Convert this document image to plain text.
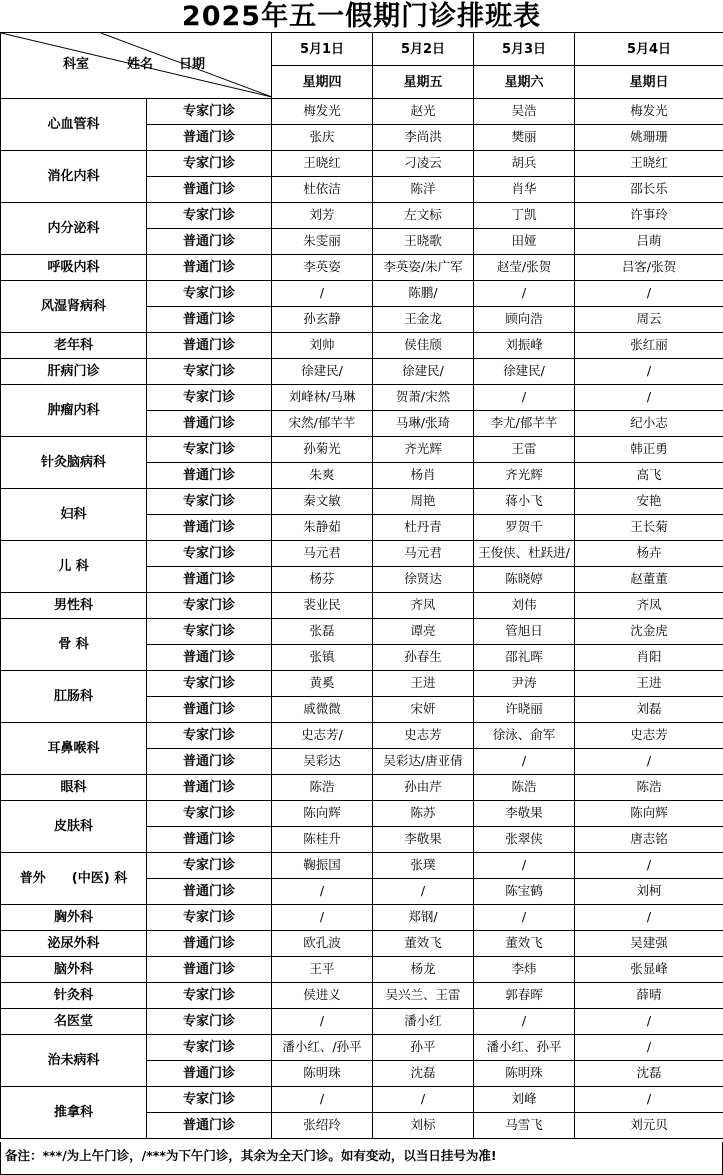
2025年五一假期门诊排班表
科室 姓名 日期		5月1日	5月2日	5月3日	5月4日
		星期四	星期五	星期六	星期日
心血管科	专家门诊	梅发光	赵光	吴浩	梅发光
	普通门诊	张庆	李尚洪	樊丽	姚珊珊
消化内科	专家门诊	王晓红	刁凌云	胡兵	王晓红
	普通门诊	杜依洁	陈洋	肖华	邵长乐
内分泌科	专家门诊	刘芳	左文标	丁凯	许事玲
	普通门诊	朱雯丽	王晓歌	田娅	吕萌
呼吸内科	普通门诊	李英姿	李英姿/朱广军	赵莹/张贺	吕客/张贺
风湿肾病科	专家门诊	/	陈鹏/	/	/
	普通门诊	孙玄静	王金龙	顾向浩	周云
老年科	普通门诊	刘帅	侯佳颀	刘振峰	张红丽
肝病门诊	专家门诊	徐建民/	徐建民/	徐建民/	/
肿瘤内科	专家门诊	刘峰林/马琳	贺萧/宋然	/	/
	普通门诊	宋然/郁芊芊	马琳/张琦	李尤/郁芊芊	纪小志
针灸脑病科	专家门诊	孙菊光	齐光辉	王雷	韩正勇
	普通门诊	朱爽	杨肖	齐光辉	高飞
妇科	专家门诊	秦文敏	周艳	蒋小飞	安艳
	普通门诊	朱静茹	杜丹青	罗贺千	王长菊
儿 科	专家门诊	马元君	马元君	王俊侠、杜跃进/	杨卉
	普通门诊	杨芬	徐贤达	陈晓婷	赵董董
男性科	专家门诊	裴业民	齐凤	刘伟	齐凤
骨 科	专家门诊	张磊	谭亮	管旭日	沈金虎
	普通门诊	张镇	孙春生	邵礼晖	肖阳
肛肠科	专家门诊	黄奚	王进	尹涛	王进
	普通门诊	戚微微	宋妍	许晓丽	刘磊
耳鼻喉科	专家门诊	史志芳/	史志芳	徐泳、俞军	史志芳
	普通门诊	吴彩达	吴彩达/唐亚倩	/	/
眼科	普通门诊	陈浩	孙由芹	陈浩	陈浩
皮肤科	专家门诊	陈向辉	陈苏	李敬果	陈向辉
	普通门诊	陈桂升	李敬果	张翠侠	唐志铭
普外　　(中医) 科	专家门诊	鞠振国	张璞	/	/
	普通门诊	/	/	陈宝鹤	刘柯
胸外科	专家门诊	/	郑钢/	/	/
泌尿外科	普通门诊	欧孔波	董效飞	董效飞	吴建强
脑外科	普通门诊	王平	杨龙	李炜	张显峰
针灸科	专家门诊	侯进义	吴兴兰、王雷	郭春晖	薛晴
名医堂	专家门诊	/	潘小红	/	/
治未病科	专家门诊	潘小红、/孙平	孙平	潘小红、孙平	/
	普通门诊	陈明珠	沈磊	陈明珠	沈磊
推拿科	专家门诊	/	/	刘峰	/
	普通门诊	张绍玲	刘标	马雪飞	刘元贝
备注：***/为上午门诊，/***为下午门诊，其余为全天门诊。如有变动，以当日挂号为准!
